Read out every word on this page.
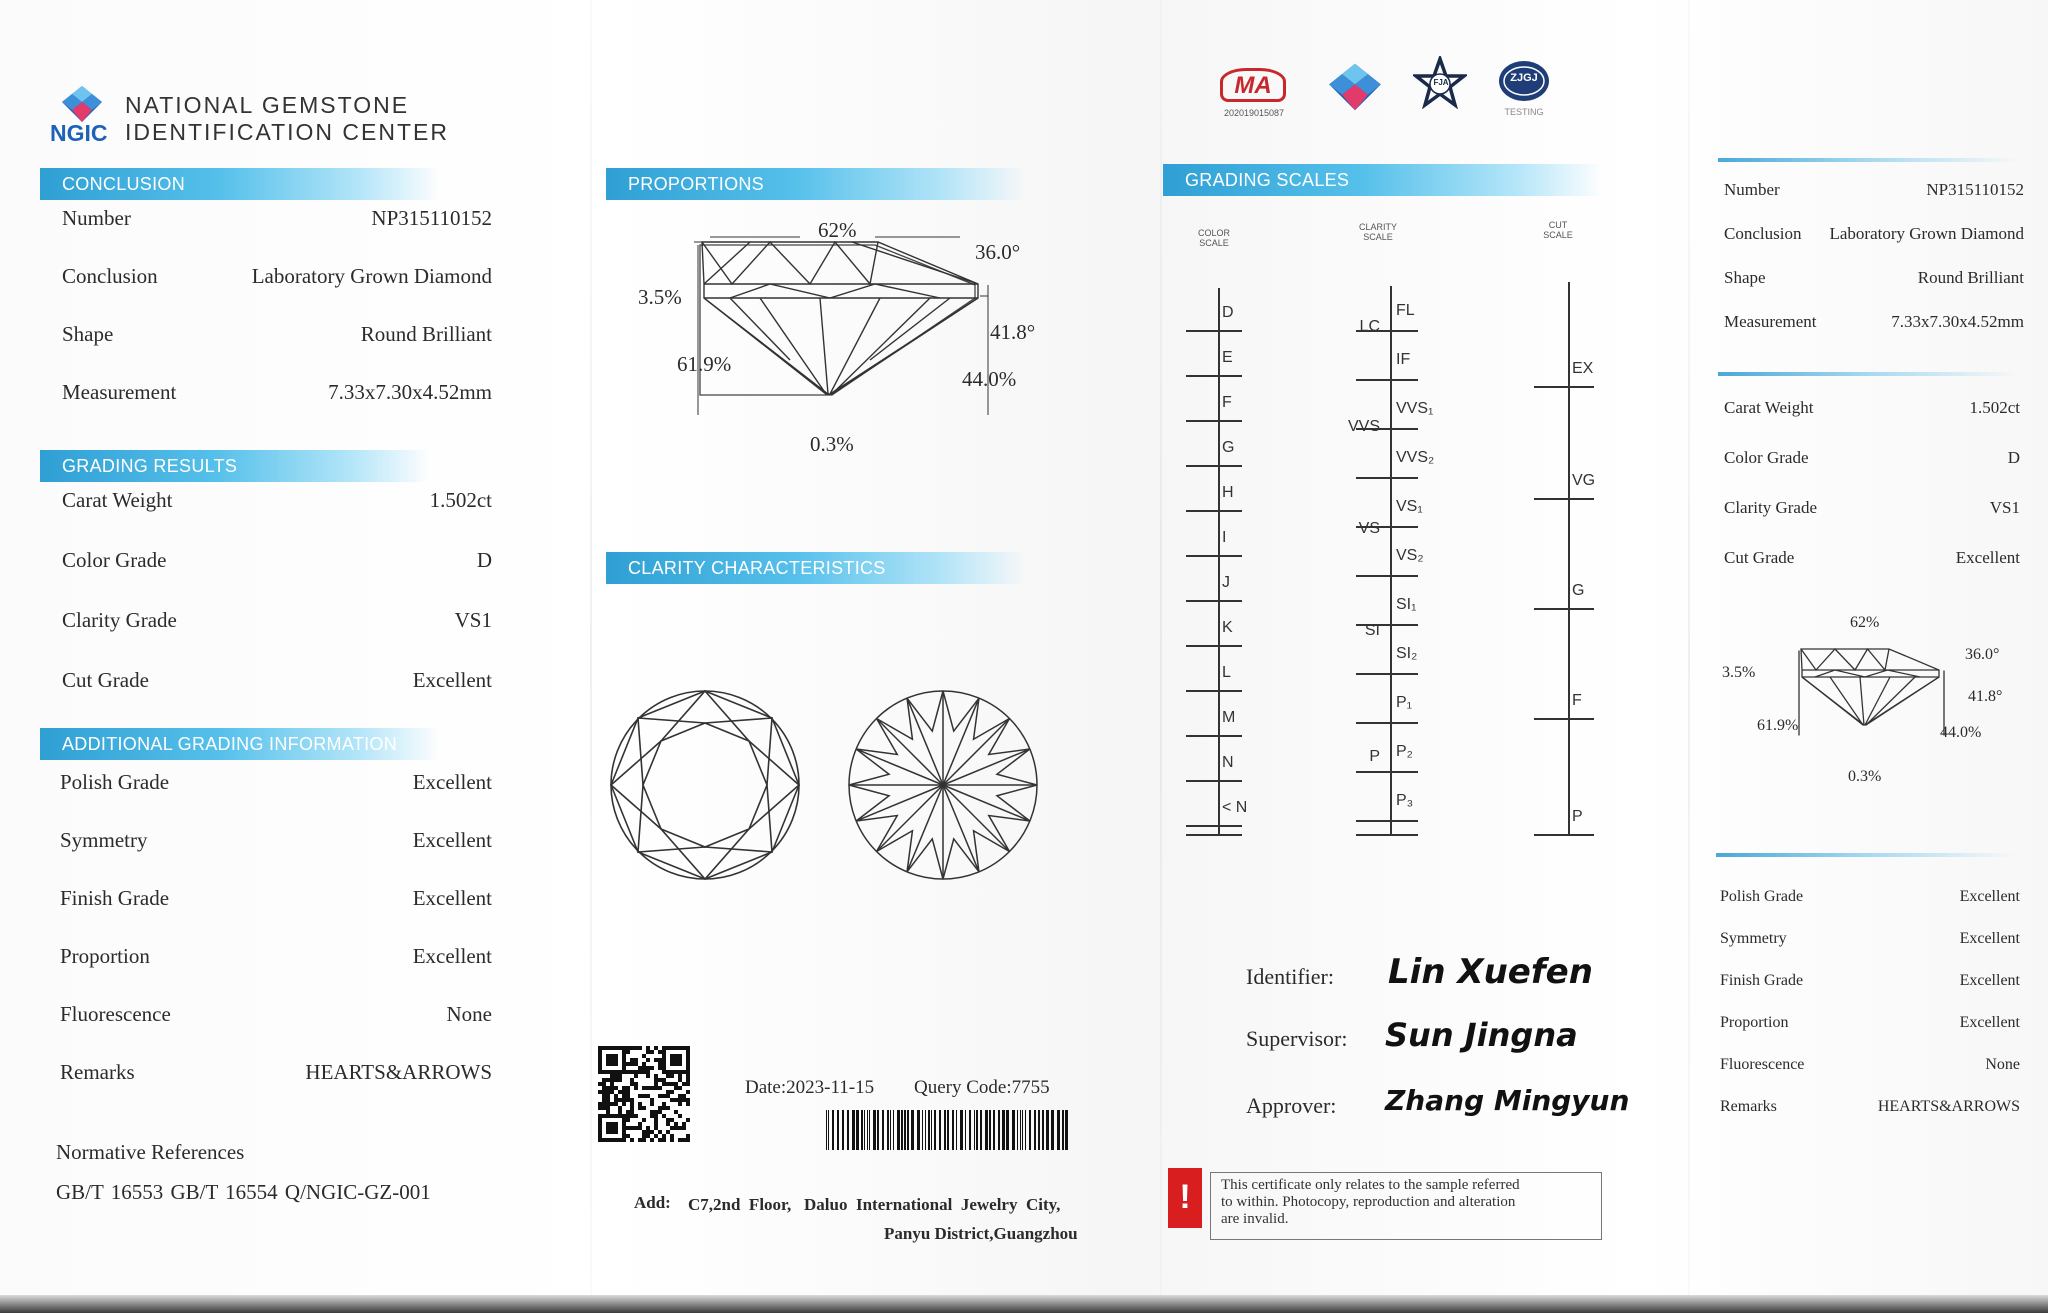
NGIC
NATIONAL GEMSTONE
IDENTIFICATION CENTER
CONCLUSION
Number	NP315110152
Conclusion	Laboratory Grown Diamond
Shape	Round Brilliant
Measurement	7.33x7.30x4.52mm
GRADING RESULTS
Carat Weight	1.502ct
Color Grade	D
Clarity Grade	VS1
Cut Grade	Excellent
ADDITIONAL GRADING INFORMATION
Polish Grade	Excellent
Symmetry	Excellent
Finish Grade	Excellent
Proportion	Excellent
Fluorescence	None
Remarks	HEARTS&ARROWS
Normative References
GB/T 16553 GB/T 16554 Q/NGIC-GZ-001
PROPORTIONS
62%
36.0°
3.5%
41.8°
61.9%
44.0%
0.3%
CLARITY CHARACTERISTICS
Date:2023-11-15 Query Code:7755
Add: C7,2nd  Floor,   Daluo  International  Jewelry  City,
Panyu District,Guangzhou
MA
202019015087
FJA	ZJGJ
TESTING
GRADING SCALES
COLOR
SCALE
CLARITY
SCALE
CUT
SCALE
D
E
F
G
H
I
J
K
L
M
N
< N
FL
IF
VVS₁
VVS₂
VS₁
VS₂
SI₁
SI₂
P₁
P₂
P₃
LC
VVS
VS
SI
P
EX
VG
G
F
P
Identifier: Lin Xuefen
Supervisor: Sun Jingna
Approver: Zhang Mingyun
!	This certificate only relates to the sample referred
to within. Photocopy, reproduction and alteration
are invalid.
Number	NP315110152
Conclusion Laboratory Grown Diamond
Shape	Round Brilliant
Measurement	7.33x7.30x4.52mm
Carat Weight	1.502ct
Color Grade	D
Clarity Grade	VS1
Cut Grade	Excellent
62%
36.0°
3.5%
41.8°
61.9%	44.0%
0.3%
Polish Grade	Excellent
Symmetry	Excellent
Finish Grade	Excellent
Proportion	Excellent
Fluorescence	None
Remarks	HEARTS&ARROWS
